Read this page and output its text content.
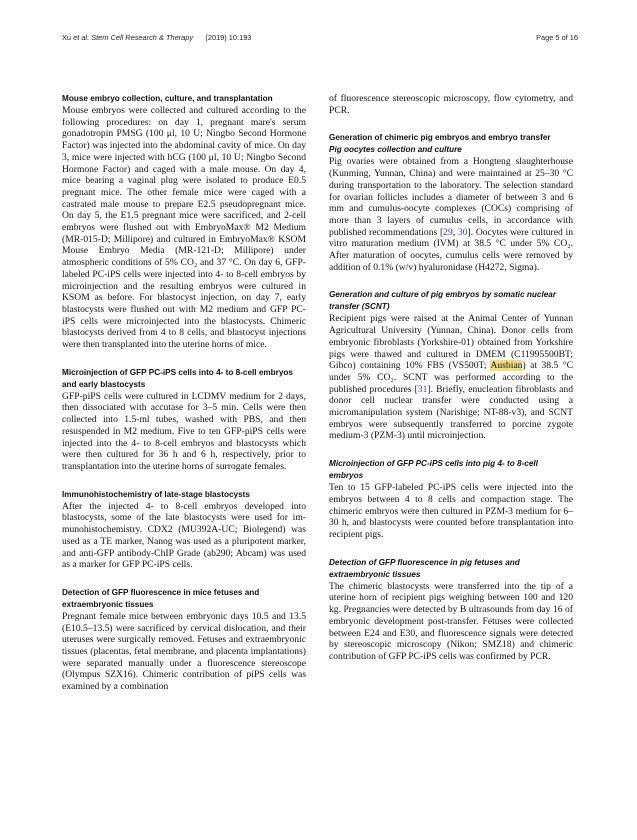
Xu et al. Stem Cell Research & Therapy (2019) 10:193	Page 5 of 16
Mouse embryo collection, culture, and transplantation

Mouse embryos were collected and cultured according to the following procedures: on day 1, pregnant mare's serum gonadotropin PMSG (100 μl, 10 U; Ningbo Second Hormone Factor) was injected into the abdominal cavity of mice. On day 3, mice were injected with hCG (100 μl, 10 U; Ningbo Second Hormone Factor) and caged with a male mouse. On day 4, mice bearing a vaginal plug were isolated to produce E0.5 pregnant mice. The other female mice were caged with a castrated male mouse to prepare E2.5 pseudopregnant mice. On day 5, the E1.5 pregnant mice were sacrificed, and 2-cell embryos were flushed out with EmbryoMax® M2 Medium (MR-015-D; Millipore) and cultured in EmbryoMax® KSOM Mouse Embryo Media (MR-121-D; Millipore) under atmospheric conditions of 5% CO₂ and 37 °C. On day 6, GFP-labeled PC-iPS cells were injected into 4- to 8-cell embryos by microinjection and the resulting embryos were cultured in KSOM as before. For blastocyst injection, on day 7, early blastocysts were flushed out with M2 medium and GFP PC-iPS cells were microinjected into the blastocysts. Chimeric blastocysts derived from 4 to 8 cells, and blastocyst injections were then transplanted into the uterine horns of mice.

Microinjection of GFP PC-iPS cells into 4- to 8-cell embryos and early blastocysts

GFP-piPS cells were cultured in LCDMV medium for 2 days, then dissociated with accutase for 3–5 min. Cells were then collected into 1.5-ml tubes, washed with PBS, and then resuspended in M2 medium. Five to ten GFP-piPS cells were injected into the 4- to 8-cell embryos and blastocysts which were then cultured for 36 h and 6 h, respectively, prior to transplantation into the uterine horns of surrogate females.

Immunohistochemistry of late-stage blastocysts

After the injected 4- to 8-cell embryos developed into blastocysts, some of the late blastocysts were used for immunohistochemistry. CDX2 (MU392A-UC; Biolegend) was used as a TE marker, Nanog was used as a pluripotent marker, and anti-GFP antibody-ChIP Grade (ab290; Abcam) was used as a marker for GFP PC-iPS cells.

Detection of GFP fluorescence in mice fetuses and extraembryonic tissues

Pregnant female mice between embryonic days 10.5 and 13.5 (E10.5–13.5) were sacrificed by cervical dislocation, and their uteruses were surgically removed. Fetuses and extraembryonic tissues (placentas, fetal membrane, and placenta implantations) were separated manually under a fluorescence stereoscope (Olympus SZX16). Chimeric contribution of piPS cells was examined by a combination

of fluorescence stereoscopic microscopy, flow cytometry, and PCR.

Generation of chimeric pig embryos and embryo transfer
Pig oocytes collection and culture

Pig ovaries were obtained from a Hongteng slaughterhouse (Kunming, Yunnan, China) and were maintained at 25–30 °C during transportation to the laboratory. The selection standard for ovarian follicles includes a diameter of between 3 and 6 mm and cumulus-oocyte complexes (COCs) comprising of more than 3 layers of cumulus cells, in accordance with published recommendations [29, 30]. Oocytes were cultured in vitro maturation medium (IVM) at 38.5 °C under 5% CO₂. After maturation of oocytes, cumulus cells were removed by addition of 0.1% (w/v) hyaluronidase (H4272, Sigma).

Generation and culture of pig embryos by somatic nuclear transfer (SCNT)

Recipient pigs were raised at the Animal Center of Yunnan Agricultural University (Yunnan, China). Donor cells from embryonic fibroblasts (Yorkshire-01) obtained from Yorkshire pigs were thawed and cultured in DMEM (C11995500BT; Gibco) containing 10% FBS (VS500T; Ausbian) at 38.5 °C under 5% CO₂. SCNT was performed according to the published procedures [31]. Briefly, enucleation fibroblasts and donor cell nuclear transfer were conducted using a micromanipulation system (Narishige; NT-88-v3), and SCNT embryos were subsequently transferred to porcine zygote medium-3 (PZM-3) until microinjection.

Microinjection of GFP PC-iPS cells into pig 4- to 8-cell embryos

Ten to 15 GFP-labeled PC-iPS cells were injected into the embryos between 4 to 8 cells and compaction stage. The chimeric embryos were then cultured in PZM-3 medium for 6–30 h, and blastocysts were counted before transplantation into recipient pigs.

Detection of GFP fluorescence in pig fetuses and extraembryonic tissues

The chimeric blastocysts were transferred into the tip of a uterine horn of recipient pigs weighing between 100 and 120 kg. Pregnancies were detected by B ultrasounds from day 16 of embryonic development post-transfer. Fetuses were collected between E24 and E30, and fluorescence signals were detected by stereoscopic microscopy (Nikon; SMZ18) and chimeric contribution of GFP PC-iPS cells was confirmed by PCR.
